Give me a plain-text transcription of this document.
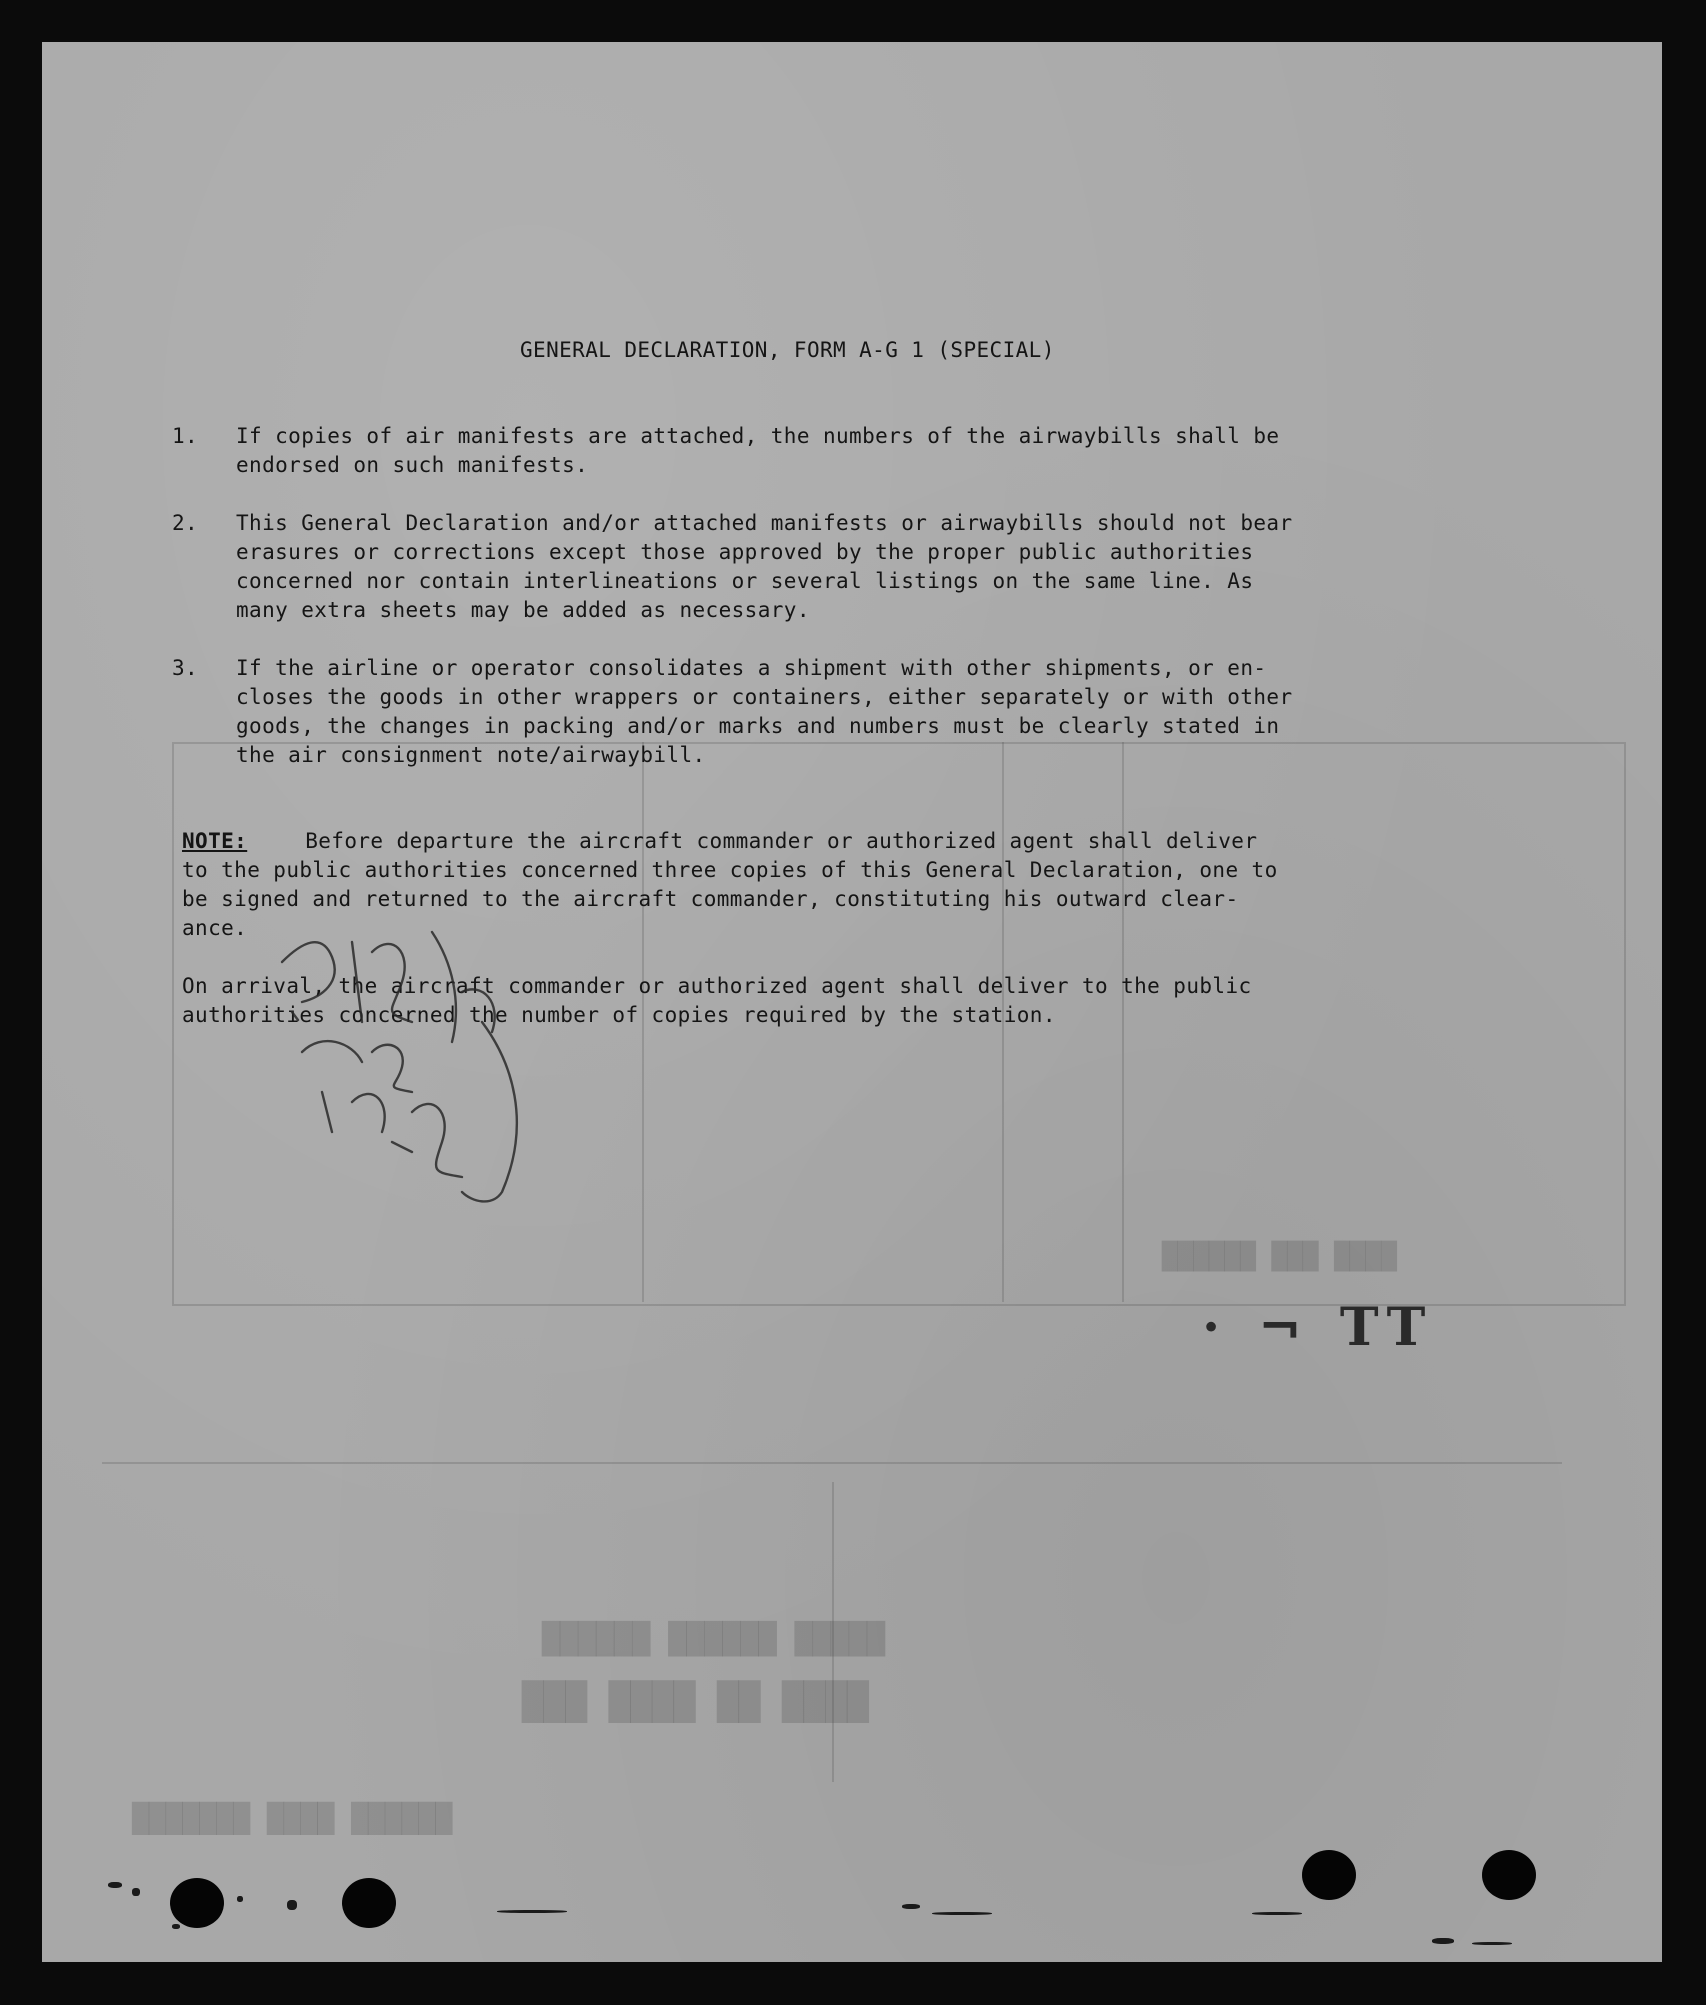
█████ ██████ ██████
████ ██ ████ ███
██████ ████ ███████
████ ███ ██████
GENERAL DECLARATION, FORM A-G 1 (SPECIAL)
1.	If copies of air manifests are attached, the numbers of the airwaybills shall be
endorsed on such manifests.
2.	This General Declaration and/or attached manifests or airwaybills should not bear
erasures or corrections except those approved by the proper public authorities
concerned nor contain interlineations or several listings on the same line. As
many extra sheets may be added as necessary.
3.	If the airline or operator consolidates a shipment with other shipments, or en-
closes the goods in other wrappers or containers, either separately or with other
goods, the changes in packing and/or marks and numbers must be clearly stated in
the air consignment note/airwaybill.
NOTE:	Before departure the aircraft commander or authorized agent shall deliver
to the public authorities concerned three copies of this General Declaration, one to
be signed and returned to the aircraft commander, constituting his outward clear-
ance.
On arrival, the aircraft commander or authorized agent shall deliver to the public
authorities concerned the number of copies required by the station.
TT ⌐ ·
